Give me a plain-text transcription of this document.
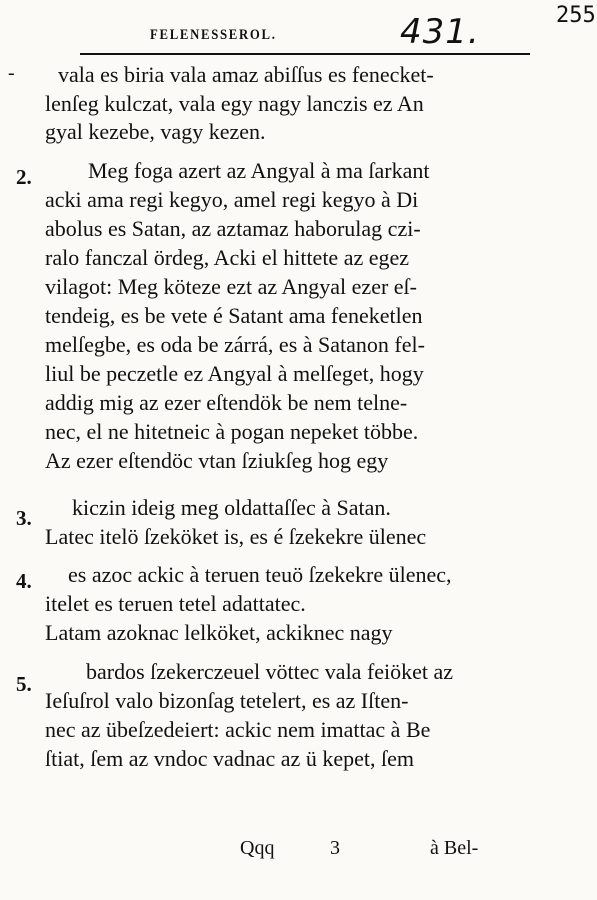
FELENESSEROL.	431.	255
- vala es biria vala amaz abiſſus es fenecket-
lenſeg kulczat, vala egy nagy lanczis ez An
gyal kezebe, vagy kezen.
2.	Meg foga azert az Angyal à ma ſarkant
acki ama regi kegyo, amel regi kegyo à Di
abolus es Satan, az aztamaz haborulag czi-
ralo fanczal ördeg, Acki el hittete az egez
vilagot: Meg köteze ezt az Angyal ezer eſ-
tendeig, es be vete é Satant ama feneketlen
melſegbe, es oda be zárrá, es à Satanon fel-
liul be peczetle ez Angyal à melſeget, hogy
addig mig az ezer eſtendök be nem telne-
nec, el ne hitetneic à pogan nepeket többe.
Az ezer eſtendöc vtan ſziukſeg hog egy
3. kiczin ideig meg oldattaſſec à Satan.
Latec itelö ſzeköket is, es é ſzekekre ülenec
4. es azoc ackic à teruen teuö ſzekekre ülenec,
itelet es teruen tetel adattatec.
Latam azoknac lelköket, ackiknec nagy
5. bardos ſzekerczeuel vöttec vala feiöket az
Ieſuſrol valo bizonſag tetelert, es az Iſten-
nec az übeſzedeiert: ackic nem imattac à Be
ſtiat, ſem az vndoc vadnac az ü kepet, ſem
Qqq	3	à Bel-
